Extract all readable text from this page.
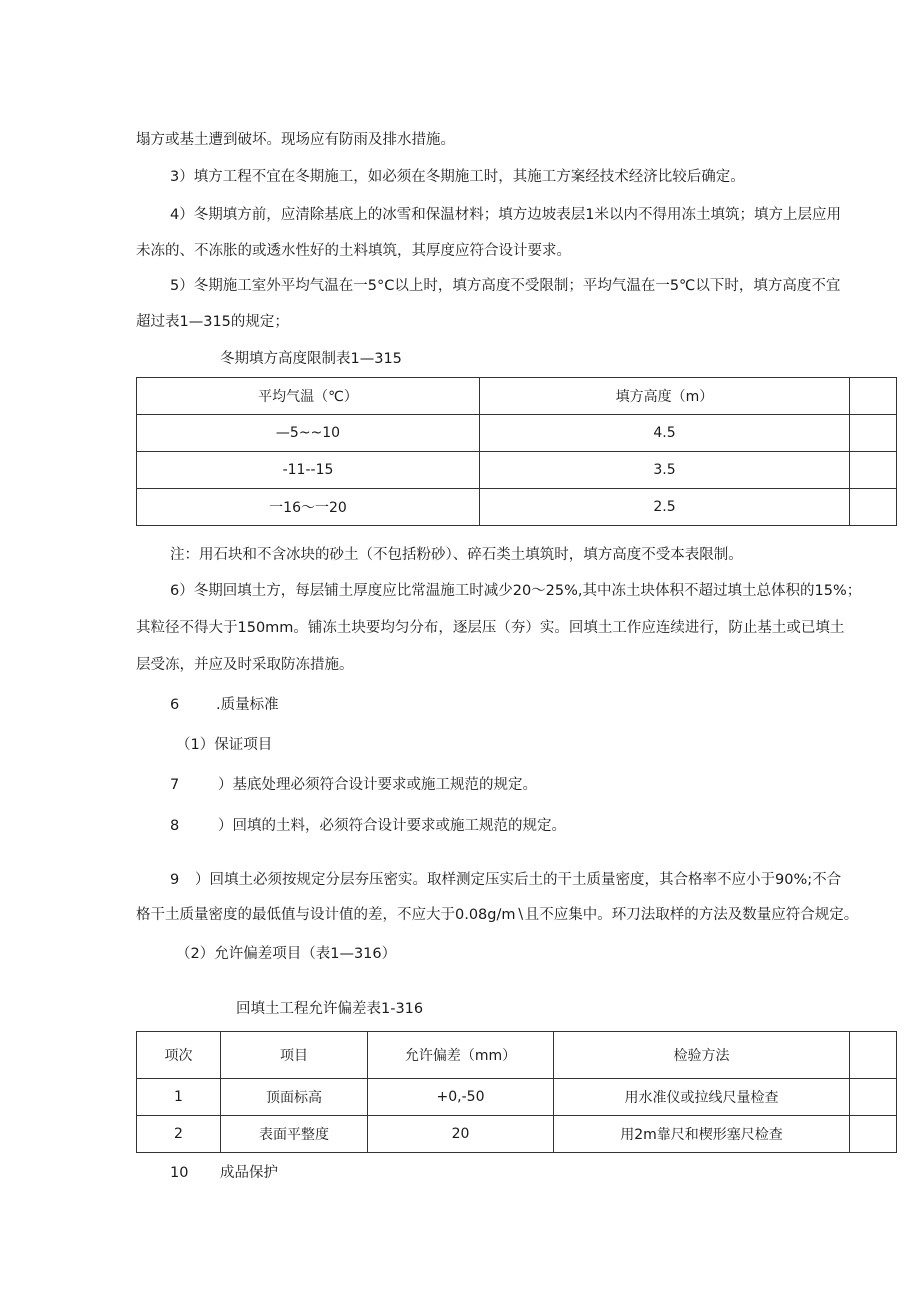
塌方或基土遭到破坏。现场应有防雨及排水措施。
3）填方工程不宜在冬期施工，如必须在冬期施工时，其施工方案经技术经济比较后确定。
4）冬期填方前，应清除基底上的冰雪和保温材料；填方边坡表层1米以内不得用冻土填筑；填方上层应用
未冻的、不冻胀的或透水性好的土料填筑，其厚度应符合设计要求。
5）冬期施工室外平均气温在一5°C以上时，填方高度不受限制；平均气温在一5℃以下时，填方高度不宜
超过表1—315的规定；
冬期填方高度限制表1—315
平均气温（℃）	填方高度（m）	
—5~~10	4.5	
-11--15	3.5	
一16～一20	2.5	
注：用石块和不含冰块的砂土（不包括粉砂）、碎石类土填筑时，填方高度不受本表限制。
6）冬期回填土方，每层铺土厚度应比常温施工时减少20～25%,其中冻土块体积不超过填土总体积的15%；
其粒径不得大于150mm。铺冻土块要均匀分布，逐层压（夯）实。回填土工作应连续进行，防止基土或已填土
层受冻，并应及时采取防冻措施。
6	.质量标准
（1）保证项目
7	）基底处理必须符合设计要求或施工规范的规定。
8	）回填的土料，必须符合设计要求或施工规范的规定。
9 ）回填土必须按规定分层夯压密实。取样测定压实后土的干土质量密度，其合格率不应小于90%;不合
格干土质量密度的最低值与设计值的差，不应大于0.08g∕m∖且不应集中。环刀法取样的方法及数量应符合规定。
（2）允许偏差项目（表1—316）
回填土工程允许偏差表1-316
项次	项目	允许偏差（mm）	检验方法	
1	顶面标高	+0,-50	用水准仪或拉线尺量检查	
2	表面平整度	20	用2m靠尺和楔形塞尺检查	
10 成品保护
